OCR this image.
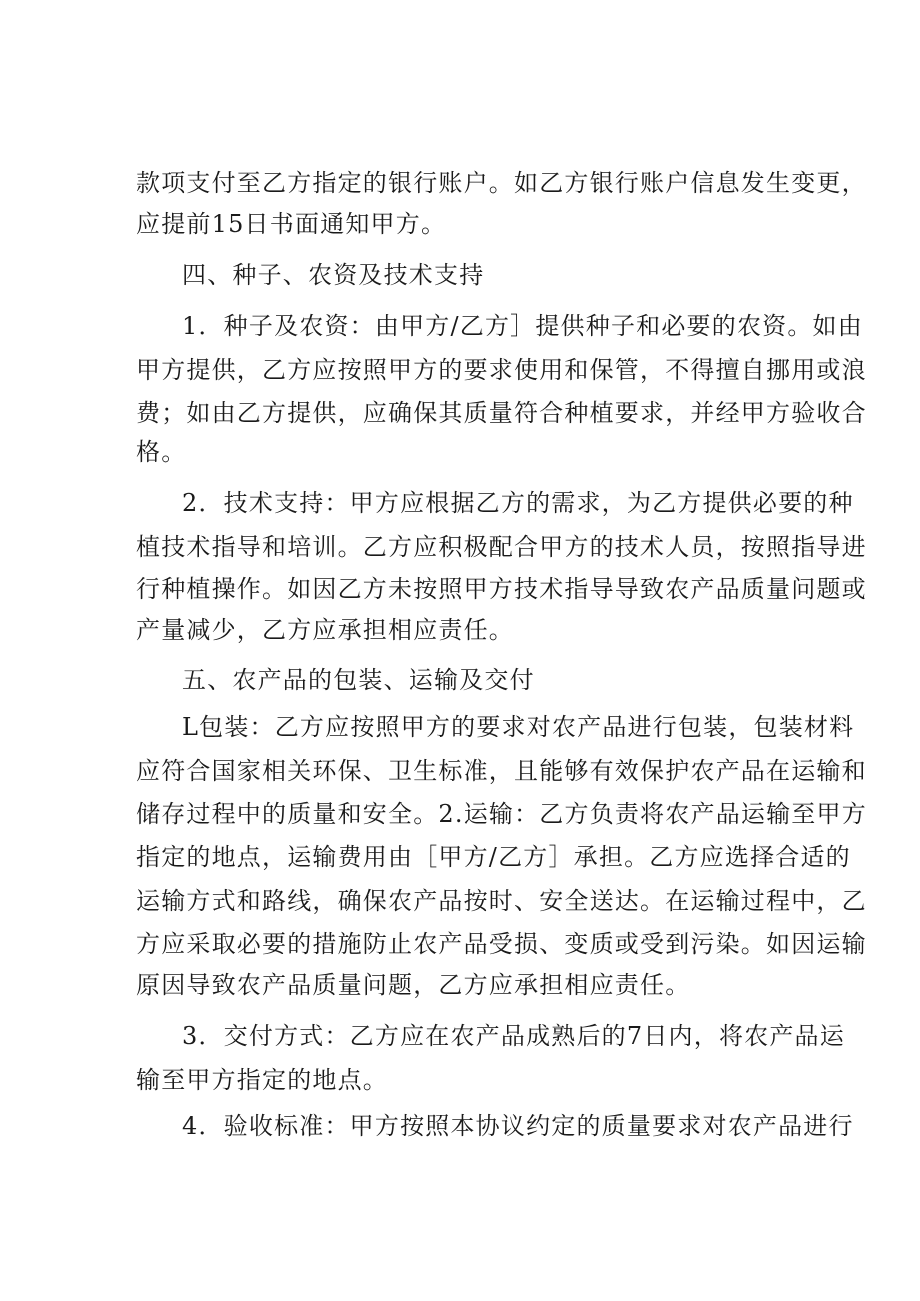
款项支付至乙方指定的银行账户。如乙方银行账户信息发生变更，
应提前15日书面通知甲方。
四、种子、农资及技术支持
1．种子及农资：由甲方/乙方］提供种子和必要的农资。如由
甲方提供，乙方应按照甲方的要求使用和保管，不得擅自挪用或浪
费；如由乙方提供，应确保其质量符合种植要求，并经甲方验收合
格。
2．技术支持：甲方应根据乙方的需求，为乙方提供必要的种
植技术指导和培训。乙方应积极配合甲方的技术人员，按照指导进
行种植操作。如因乙方未按照甲方技术指导导致农产品质量问题或
产量减少，乙方应承担相应责任。
五、农产品的包装、运输及交付
L包装：乙方应按照甲方的要求对农产品进行包装，包装材料
应符合国家相关环保、卫生标准，且能够有效保护农产品在运输和
储存过程中的质量和安全。2.运输：乙方负责将农产品运输至甲方
指定的地点，运输费用由［甲方/乙方］承担。乙方应选择合适的
运输方式和路线，确保农产品按时、安全送达。在运输过程中，乙
方应采取必要的措施防止农产品受损、变质或受到污染。如因运输
原因导致农产品质量问题，乙方应承担相应责任。
3．交付方式：乙方应在农产品成熟后的7日内，将农产品运
输至甲方指定的地点。
4．验收标准：甲方按照本协议约定的质量要求对农产品进行
